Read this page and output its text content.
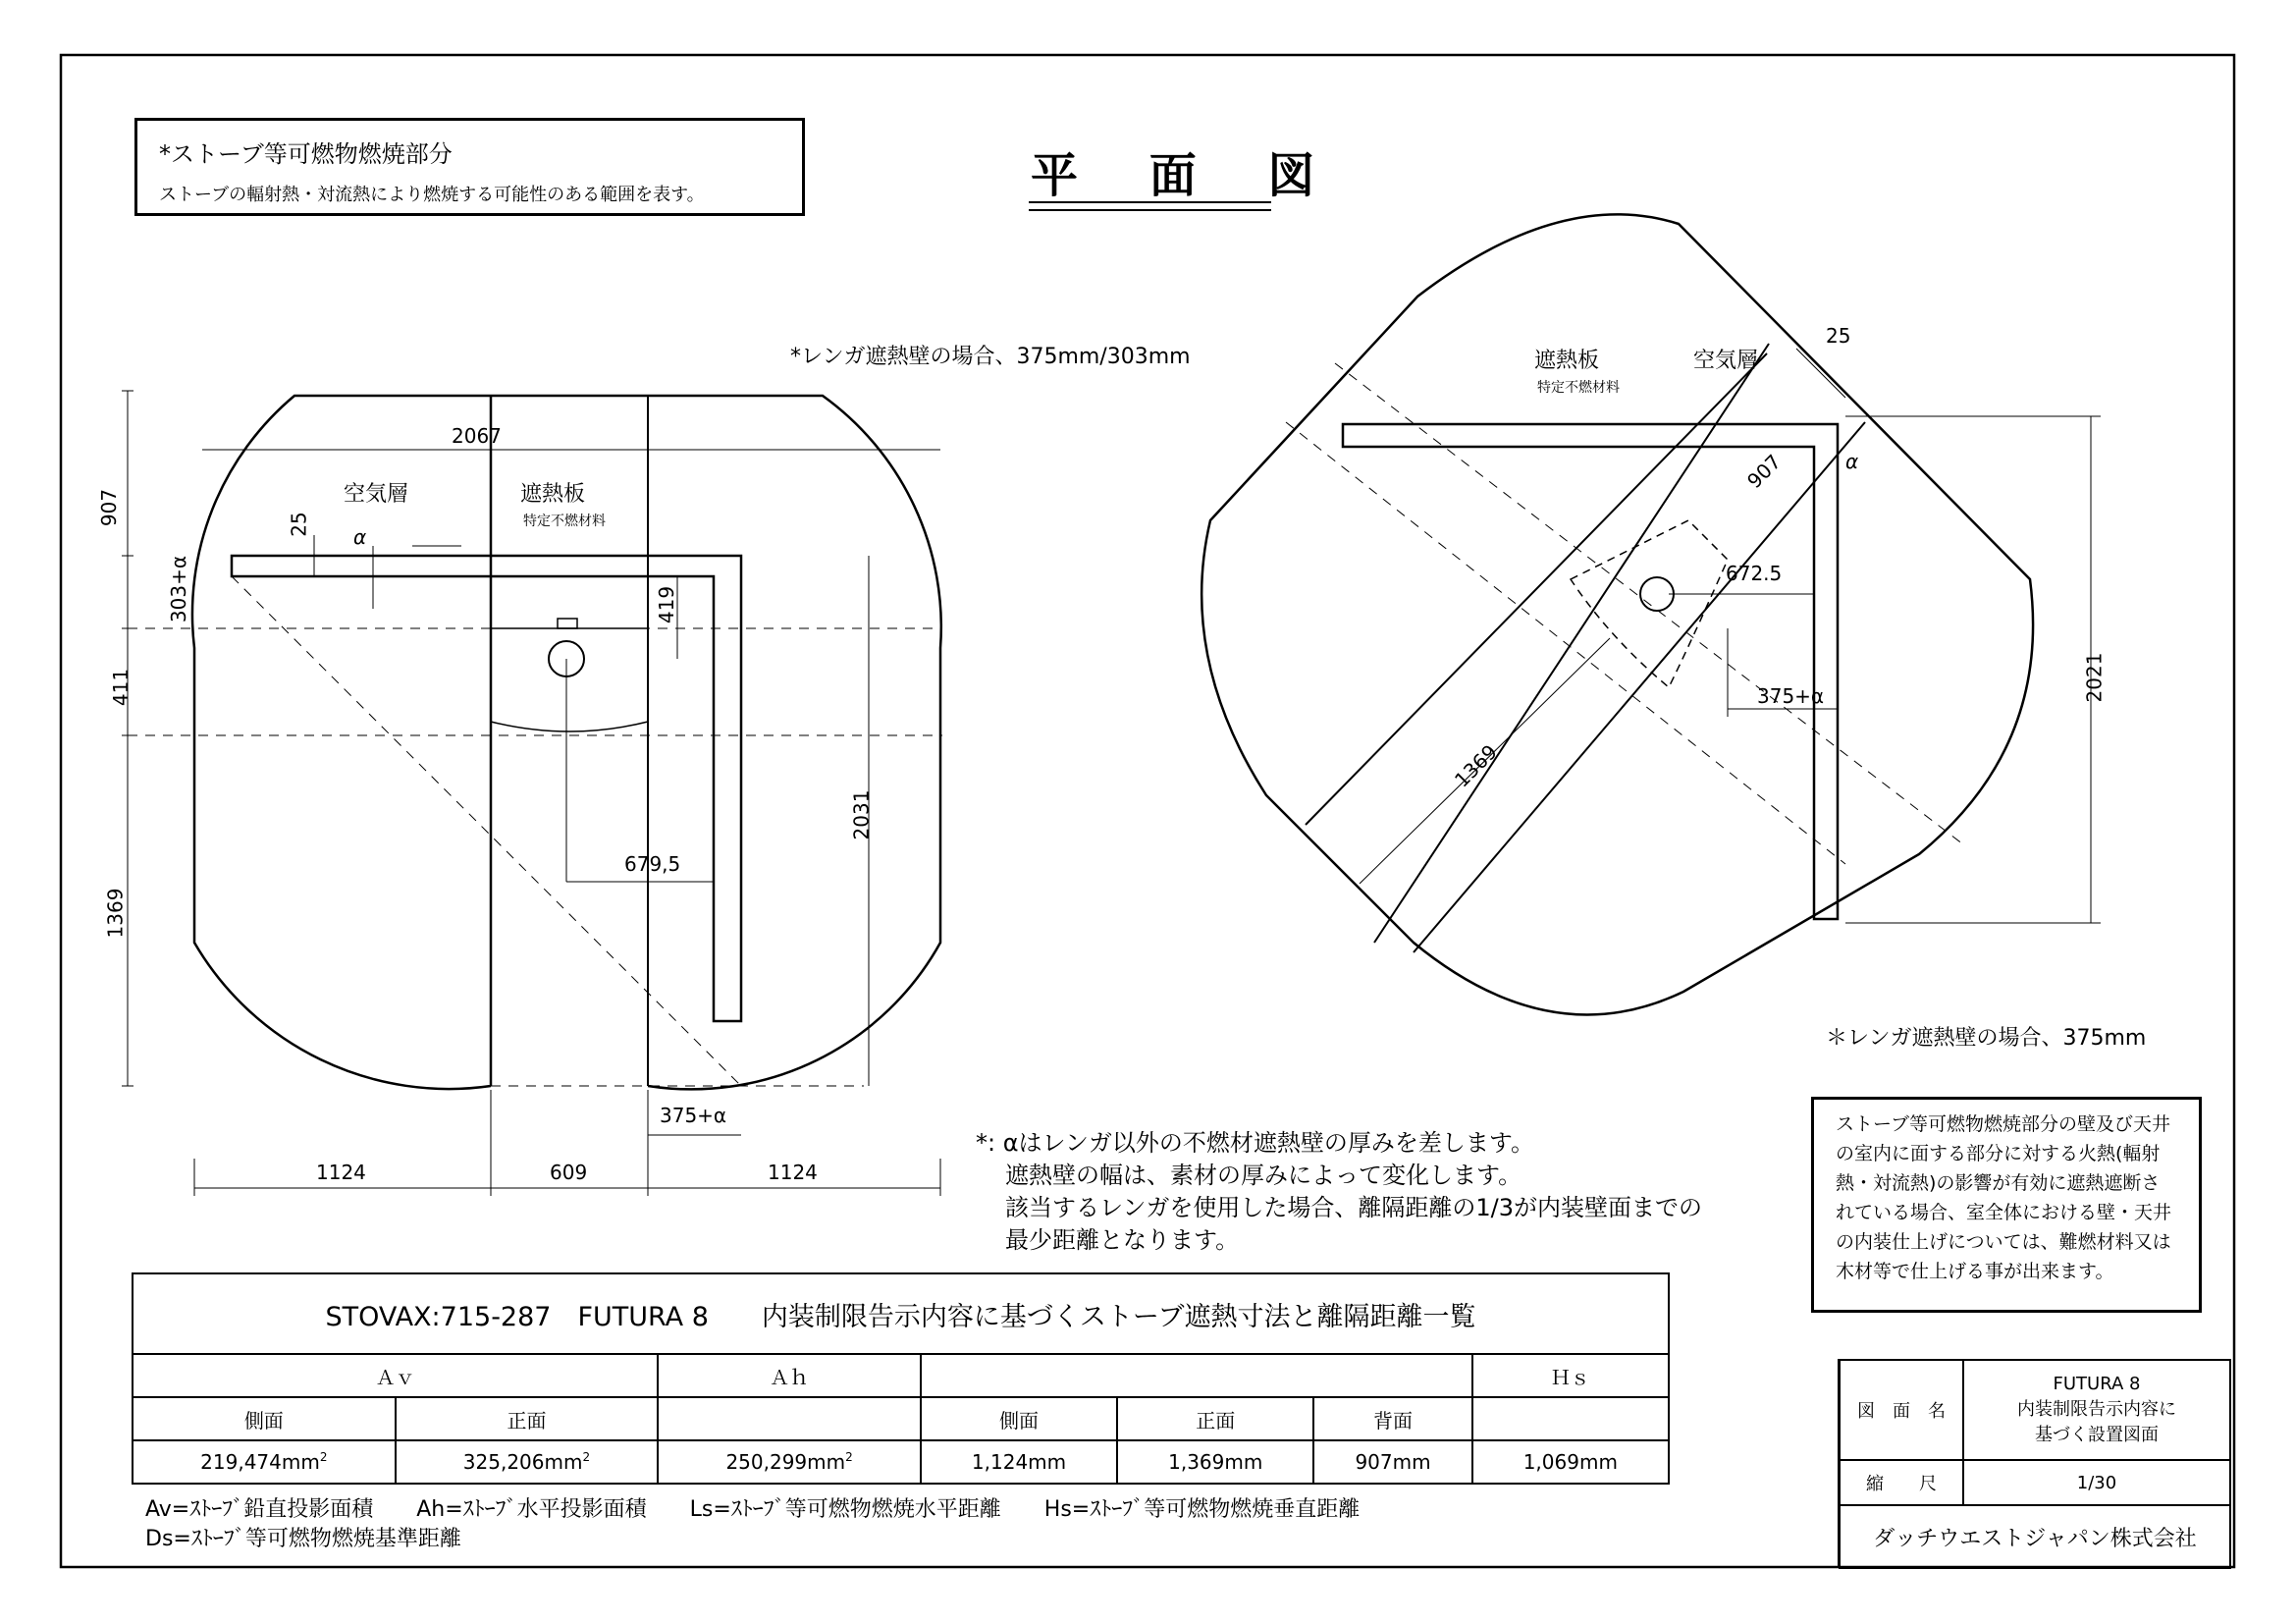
*ストーブ等可燃物燃焼部分
ストーブの輻射熱・対流熱により燃焼する可能性のある範囲を表す。	平 面 図
*レンガ遮熱壁の場合、375mm/303mm
空気層	遮熱板
特定不燃材料
2067
25
α
907
303+α
411
1369
419
2031
679,5
375+α
1124	609	1124
遮熱板
特定不燃材料
空気層
25
907	α
672.5
375+α	2021
1369
＊レンガ遮熱壁の場合、375mm
*: αはレンガ以外の不燃材遮熱壁の厚みを差します。
遮熱壁の幅は、素材の厚みによって変化します。
該当するレンガを使用した場合、離隔距離の1/3が内装壁面までの
最少距離となります。
ストーブ等可燃物燃焼部分の壁及び天井の室内に面する部分に対する火熱(輻射熱・対流熱)の影響が有効に遮熱遮断されている場合、室全体における壁・天井の内装仕上げについては、難燃材料又は木材等で仕上げる事が出来ます。
STOVAX:715-287　FUTURA 8　　内装制限告示内容に基づくストーブ遮熱寸法と離隔距離一覧						
Ａｖ		Ａｈ				Ｈｓ
側面	正面		側面	正面	背面	
$219,474mm^2$	$325,206mm^2$	$250,299mm^2$	1,124mm	1,369mm	907mm	1,069mm
Av=ｽﾄｰﾌﾞ鉛直投影面積　　Ah=ｽﾄｰﾌﾞ水平投影面積　　Ls=ｽﾄｰﾌﾞ等可燃物燃焼水平距離　　Hs=ｽﾄｰﾌﾞ等可燃物燃焼垂直距離
Ds=ｽﾄｰﾌﾞ等可燃物燃焼基準距離
図　面　名	FUTURA 8
内装制限告示内容に
基づく設置図面

縮　　尺	1/30
ダッチウエストジャパン株式会社	
